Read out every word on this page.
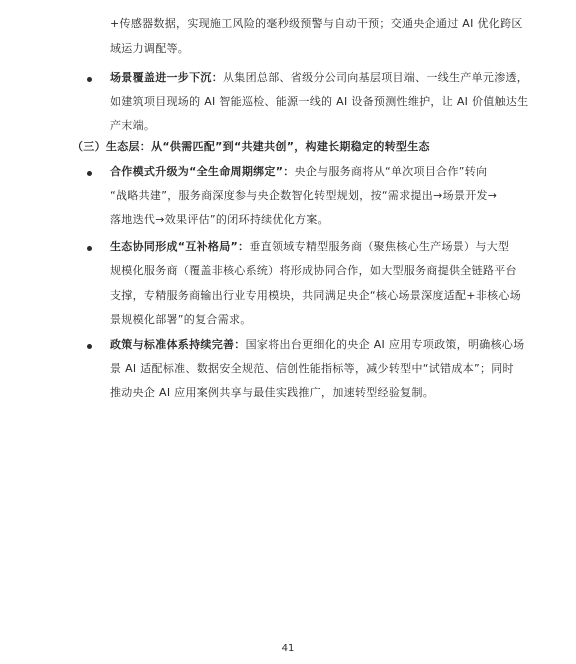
+传感器数据，实现施工风险的毫秒级预警与自动干预；交通央企通过 AI 优化跨区
域运力调配等。
场景覆盖进一步下沉：从集团总部、省级分公司向基层项目端、一线生产单元渗透，
如建筑项目现场的 AI 智能巡检、能源一线的 AI 设备预测性维护，让 AI 价值触达生
产末端。
（三）生态层：从“供需匹配”到“共建共创”，构建长期稳定的转型生态
合作模式升级为“全生命周期绑定”：央企与服务商将从“单次项目合作”转向
“战略共建”，服务商深度参与央企数智化转型规划，按“需求提出→场景开发→
落地迭代→效果评估”的闭环持续优化方案。
生态协同形成“互补格局”：垂直领域专精型服务商（聚焦核心生产场景）与大型
规模化服务商（覆盖非核心系统）将形成协同合作，如大型服务商提供全链路平台
支撑，专精服务商输出行业专用模块，共同满足央企“核心场景深度适配+非核心场
景规模化部署”的复合需求。
政策与标准体系持续完善：国家将出台更细化的央企 AI 应用专项政策，明确核心场
景 AI 适配标准、数据安全规范、信创性能指标等，减少转型中“试错成本”；同时
推动央企 AI 应用案例共享与最佳实践推广，加速转型经验复制。
41
